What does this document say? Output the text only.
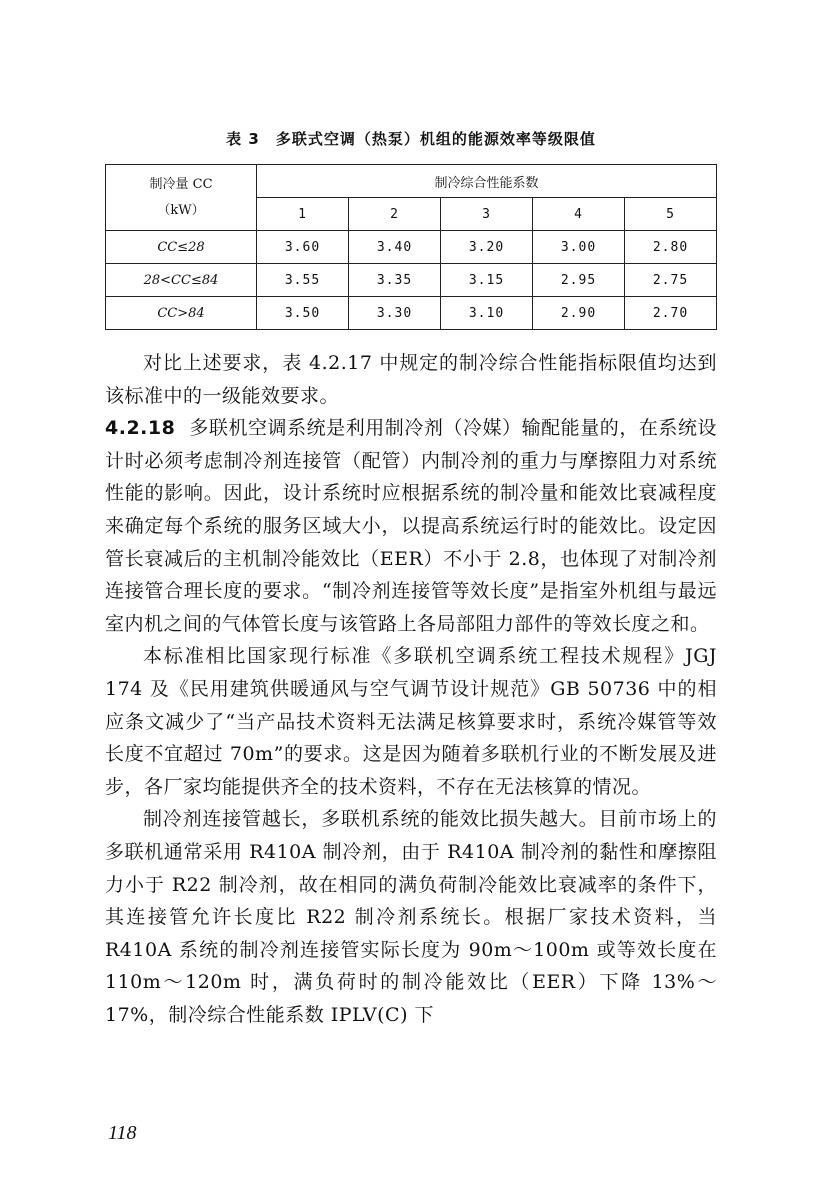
表 3　多联式空调（热泵）机组的能源效率等级限值
制冷量 CC
（kW）	制冷综合性能系数				
	1	2	3	4	5
CC≤28	3.60	3.40	3.20	3.00	2.80
28<CC≤84	3.55	3.35	3.15	2.95	2.75
CC>84	3.50	3.30	3.10	2.90	2.70

对比上述要求，表 4.2.17 中规定的制冷综合性能指标限值均达到该标准中的一级能效要求。

4.2.18 多联机空调系统是利用制冷剂（冷媒）输配能量的，在系统设计时必须考虑制冷剂连接管（配管）内制冷剂的重力与摩擦阻力对系统性能的影响。因此，设计系统时应根据系统的制冷量和能效比衰减程度来确定每个系统的服务区域大小，以提高系统运行时的能效比。设定因管长衰减后的主机制冷能效比（EER）不小于 2.8，也体现了对制冷剂连接管合理长度的要求。“制冷剂连接管等效长度”是指室外机组与最远室内机之间的气体管长度与该管路上各局部阻力部件的等效长度之和。

本标准相比国家现行标准《多联机空调系统工程技术规程》JGJ 174 及《民用建筑供暖通风与空气调节设计规范》GB 50736 中的相应条文减少了“当产品技术资料无法满足核算要求时，系统冷媒管等效长度不宜超过 70m”的要求。这是因为随着多联机行业的不断发展及进步，各厂家均能提供齐全的技术资料，不存在无法核算的情况。

制冷剂连接管越长，多联机系统的能效比损失越大。目前市场上的多联机通常采用 R410A 制冷剂，由于 R410A 制冷剂的黏性和摩擦阻力小于 R22 制冷剂，故在相同的满负荷制冷能效比衰减率的条件下，其连接管允许长度比 R22 制冷剂系统长。根据厂家技术资料，当 R410A 系统的制冷剂连接管实际长度为 90m～100m 或等效长度在 110m～120m 时，满负荷时的制冷能效比（EER）下降 13%～17%，制冷综合性能系数 IPLV(C) 下

118
